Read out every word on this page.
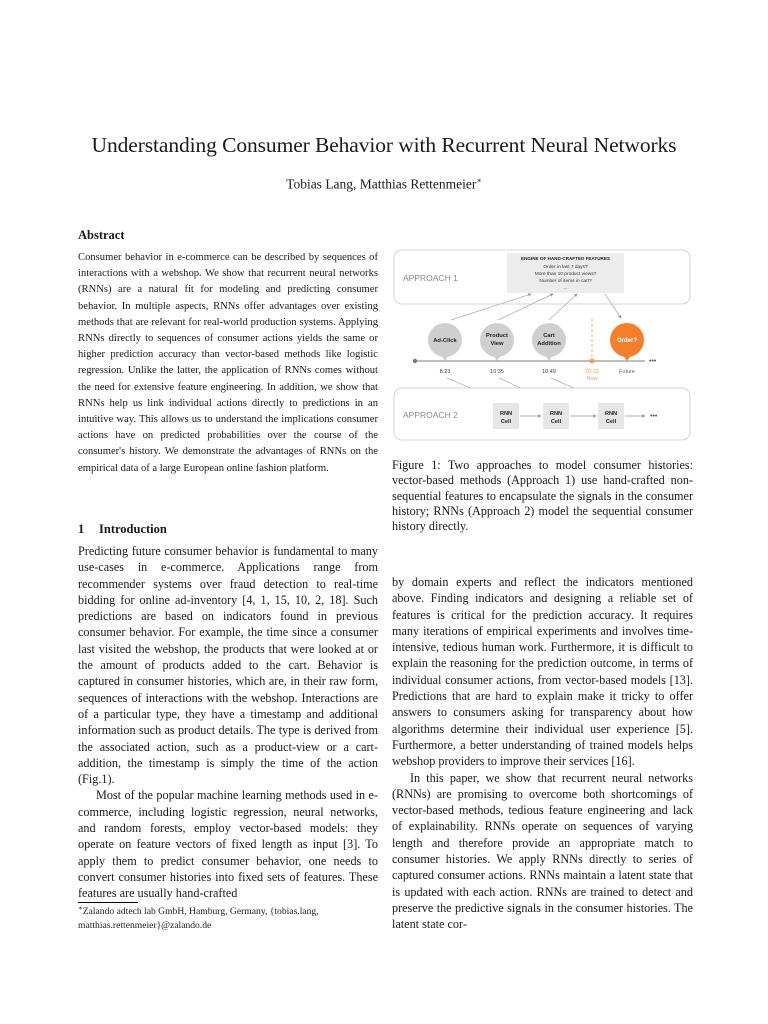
Understanding Consumer Behavior with Recurrent Neural Networks
Tobias Lang, Matthias Rettenmeier∗
Abstract
Consumer behavior in e-commerce can be described by sequences of interactions with a webshop. We show that recurrent neural networks (RNNs) are a natural fit for modeling and predicting consumer behavior. In multiple aspects, RNNs offer advantages over existing methods that are relevant for real-world production systems. Applying RNNs directly to sequences of consumer actions yields the same or higher prediction accuracy than vector-based methods like logistic regression. Unlike the latter, the application of RNNs comes without the need for extensive feature engineering. In addition, we show that RNNs help us link individual actions directly to predictions in an intuitive way. This allows us to understand the implications consumer actions have on predicted probabilities over the course of the consumer's history. We demonstrate the advantages of RNNs on the empirical data of a large European online fashion platform.
1 Introduction

Predicting future consumer behavior is fundamental to many use-cases in e-commerce. Applications range from recommender systems over fraud detection to real-time bidding for online ad-inventory [4, 1, 15, 10, 2, 18]. Such predictions are based on indicators found in previous consumer behavior. For example, the time since a consumer last visited the webshop, the products that were looked at or the amount of products added to the cart. Behavior is captured in consumer histories, which are, in their raw form, sequences of interactions with the webshop. Interactions are of a particular type, they have a timestamp and additional information such as product details. The type is derived from the associated action, such as a product-view or a cart-addition, the timestamp is simply the time of the action (Fig.1).

Most of the popular machine learning methods used in e-commerce, including logistic regression, neural networks, and random forests, employ vector-based models: they operate on feature vectors of fixed length as input [3]. To apply them to predict consumer behavior, one needs to convert consumer histories into fixed sets of features. These features are usually hand-crafted

∗Zalando adtech lab GmbH, Hamburg, Germany, {tobias.lang, matthias.rettenmeier}@zalando.de
APPROACH 1
ENGINE OF HAND-CRAFTED FEATURES
Order in last 7 days?
More than 10 product views?
Number of items in cart?
...
Ad-Click
Product
View
Cart
Addition	Order?
•••
8:23	10:35	10:49	20:22
Now
Future
APPROACH 2	RNN
Cell
RNN
Cell
RNN
Cell
•••
Figure 1: Two approaches to model consumer histories: vector-based methods (Approach 1) use hand-crafted non-sequential features to encapsulate the signals in the consumer history; RNNs (Approach 2) model the sequential consumer history directly.

by domain experts and reflect the indicators mentioned above. Finding indicators and designing a reliable set of features is critical for the prediction accuracy. It requires many iterations of empirical experiments and involves time-intensive, tedious human work. Furthermore, it is difficult to explain the reasoning for the prediction outcome, in terms of individual consumer actions, from vector-based models [13]. Predictions that are hard to explain make it tricky to offer answers to consumers asking for transparency about how algorithms determine their individual user experience [5]. Furthermore, a better understanding of trained models helps webshop providers to improve their services [16].

In this paper, we show that recurrent neural networks (RNNs) are promising to overcome both shortcomings of vector-based methods, tedious feature engineering and lack of explainability. RNNs operate on sequences of varying length and therefore provide an appropriate match to consumer histories. We apply RNNs directly to series of captured consumer actions. RNNs maintain a latent state that is updated with each action. RNNs are trained to detect and preserve the predictive signals in the consumer histories. The latent state cor-
